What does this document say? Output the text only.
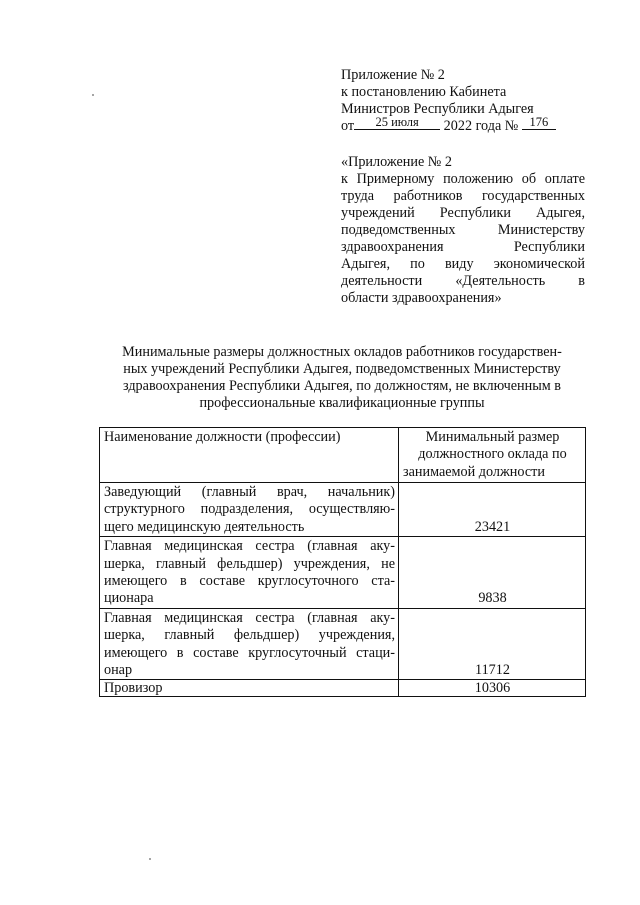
Приложение № 2
к постановлению Кабинета
Министров Республики Адыгея
от 25 июля 2022 года № 176
«Приложение № 2
к Примерному положению об оплате
труда работников государственных
учреждений Республики Адыгея,
подведомственных Министерству
здравоохранения Республики
Адыгея, по виду экономической
деятельности «Деятельность в
области здравоохранения»
Минимальные размеры должностных окладов работников государствен-
ных учреждений Республики Адыгея, подведомственных Министерству
здравоохранения Республики Адыгея, по должностям, не включенным в
профессиональные квалификационные группы
Наименование должности (профессии)	Минимальный размер должностного оклада по занимаемой должности
Заведующий (главный врач, начальник) структурного подразделения, осуществляю-щего медицинскую деятельность	23421
Главная медицинская сестра (главная аку-шерка, главный фельдшер) учреждения, не имеющего в составе круглосуточного ста-ционара	9838
Главная медицинская сестра (главная аку-шерка, главный фельдшер) учреждения, имеющего в составе круглосуточный стаци-онар	11712
Провизор	10306
